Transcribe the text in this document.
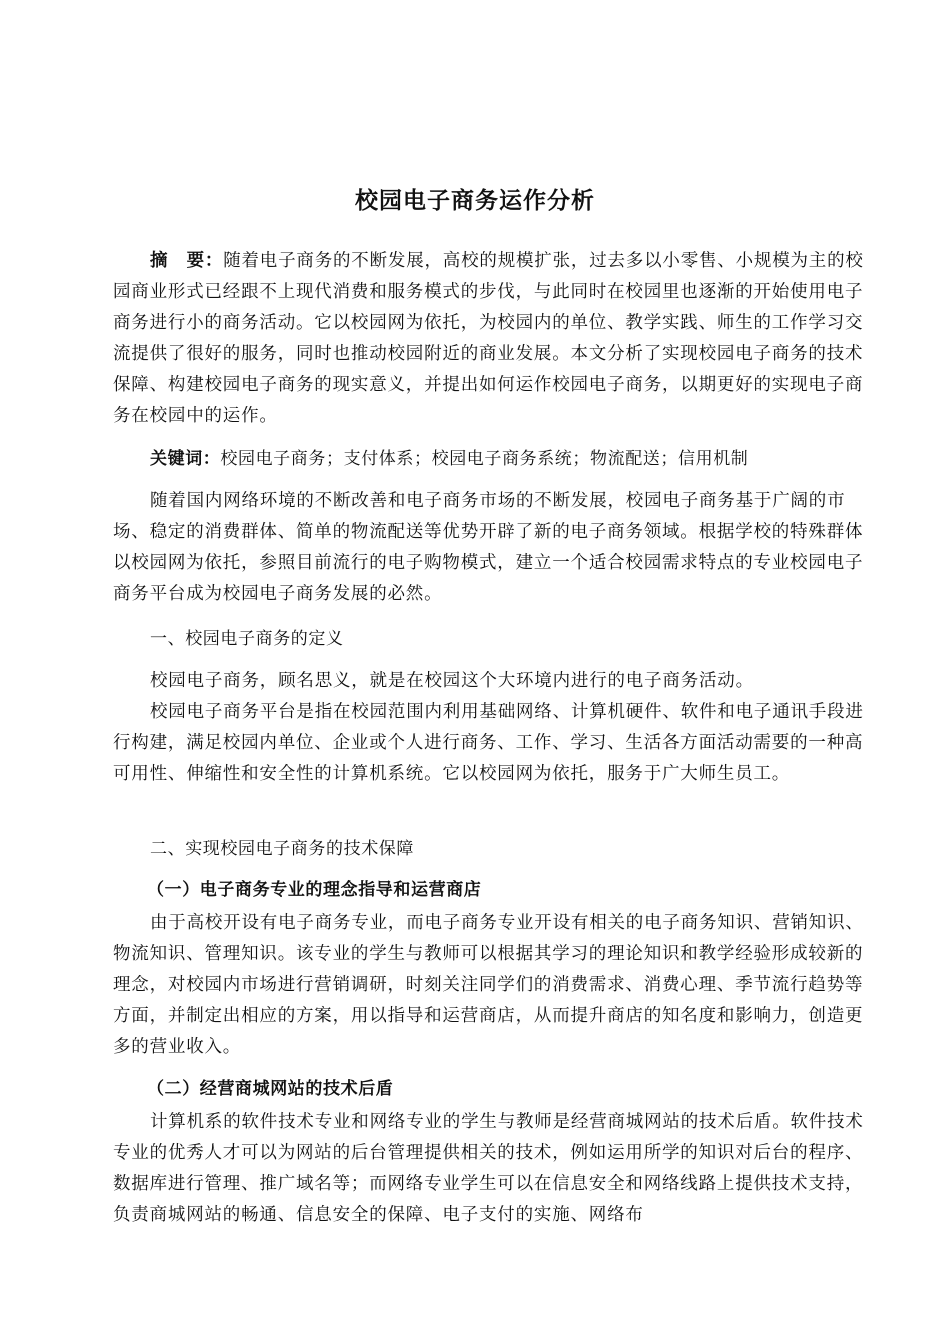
校园电子商务运作分析

摘　要：随着电子商务的不断发展，高校的规模扩张，过去多以小零售、小规模为主的校园商业形式已经跟不上现代消费和服务模式的步伐，与此同时在校园里也逐渐的开始使用电子商务进行小的商务活动。它以校园网为依托，为校园内的单位、教学实践、师生的工作学习交流提供了很好的服务，同时也推动校园附近的商业发展。本文分析了实现校园电子商务的技术保障、构建校园电子商务的现实意义，并提出如何运作校园电子商务，以期更好的实现电子商务在校园中的运作。

关键词：校园电子商务；支付体系；校园电子商务系统；物流配送；信用机制

随着国内网络环境的不断改善和电子商务市场的不断发展，校园电子商务基于广阔的市场、稳定的消费群体、简单的物流配送等优势开辟了新的电子商务领域。根据学校的特殊群体以校园网为依托，参照目前流行的电子购物模式，建立一个适合校园需求特点的专业校园电子商务平台成为校园电子商务发展的必然。

一、校园电子商务的定义

校园电子商务，顾名思义，就是在校园这个大环境内进行的电子商务活动。

校园电子商务平台是指在校园范围内利用基础网络、计算机硬件、软件和电子通讯手段进行构建，满足校园内单位、企业或个人进行商务、工作、学习、生活各方面活动需要的一种高可用性、伸缩性和安全性的计算机系统。它以校园网为依托，服务于广大师生员工。

二、实现校园电子商务的技术保障
（一）电子商务专业的理念指导和运营商店

由于高校开设有电子商务专业，而电子商务专业开设有相关的电子商务知识、营销知识、物流知识、管理知识。该专业的学生与教师可以根据其学习的理论知识和教学经验形成较新的理念，对校园内市场进行营销调研，时刻关注同学们的消费需求、消费心理、季节流行趋势等方面，并制定出相应的方案，用以指导和运营商店，从而提升商店的知名度和影响力，创造更多的营业收入。

（二）经营商城网站的技术后盾

计算机系的软件技术专业和网络专业的学生与教师是经营商城网站的技术后盾。软件技术专业的优秀人才可以为网站的后台管理提供相关的技术，例如运用所学的知识对后台的程序、数据库进行管理、推广域名等；而网络专业学生可以在信息安全和网络线路上提供技术支持，负责商城网站的畅通、信息安全的保障、电子支付的实施、网络布
